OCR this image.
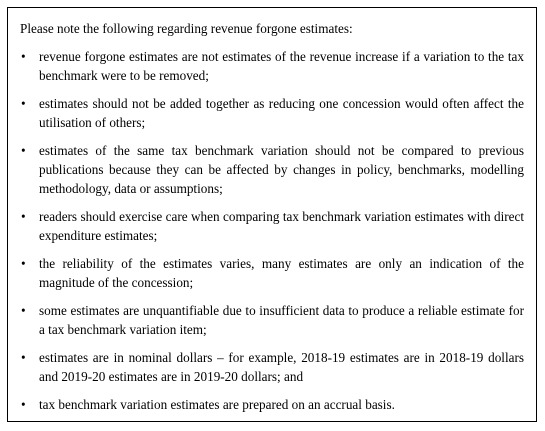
Please note the following regarding revenue forgone estimates:

• revenue forgone estimates are not estimates of the revenue increase if a variation to the tax benchmark were to be removed;
• estimates should not be added together as reducing one concession would often affect the utilisation of others;
• estimates of the same tax benchmark variation should not be compared to previous publications because they can be affected by changes in policy, benchmarks, modelling methodology, data or assumptions;
• readers should exercise care when comparing tax benchmark variation estimates with direct expenditure estimates;
• the reliability of the estimates varies, many estimates are only an indication of the magnitude of the concession;
• some estimates are unquantifiable due to insufficient data to produce a reliable estimate for a tax benchmark variation item;
• estimates are in nominal dollars – for example, 2018-19 estimates are in 2018-19 dollars and 2019-20 estimates are in 2019-20 dollars; and
• tax benchmark variation estimates are prepared on an accrual basis.
